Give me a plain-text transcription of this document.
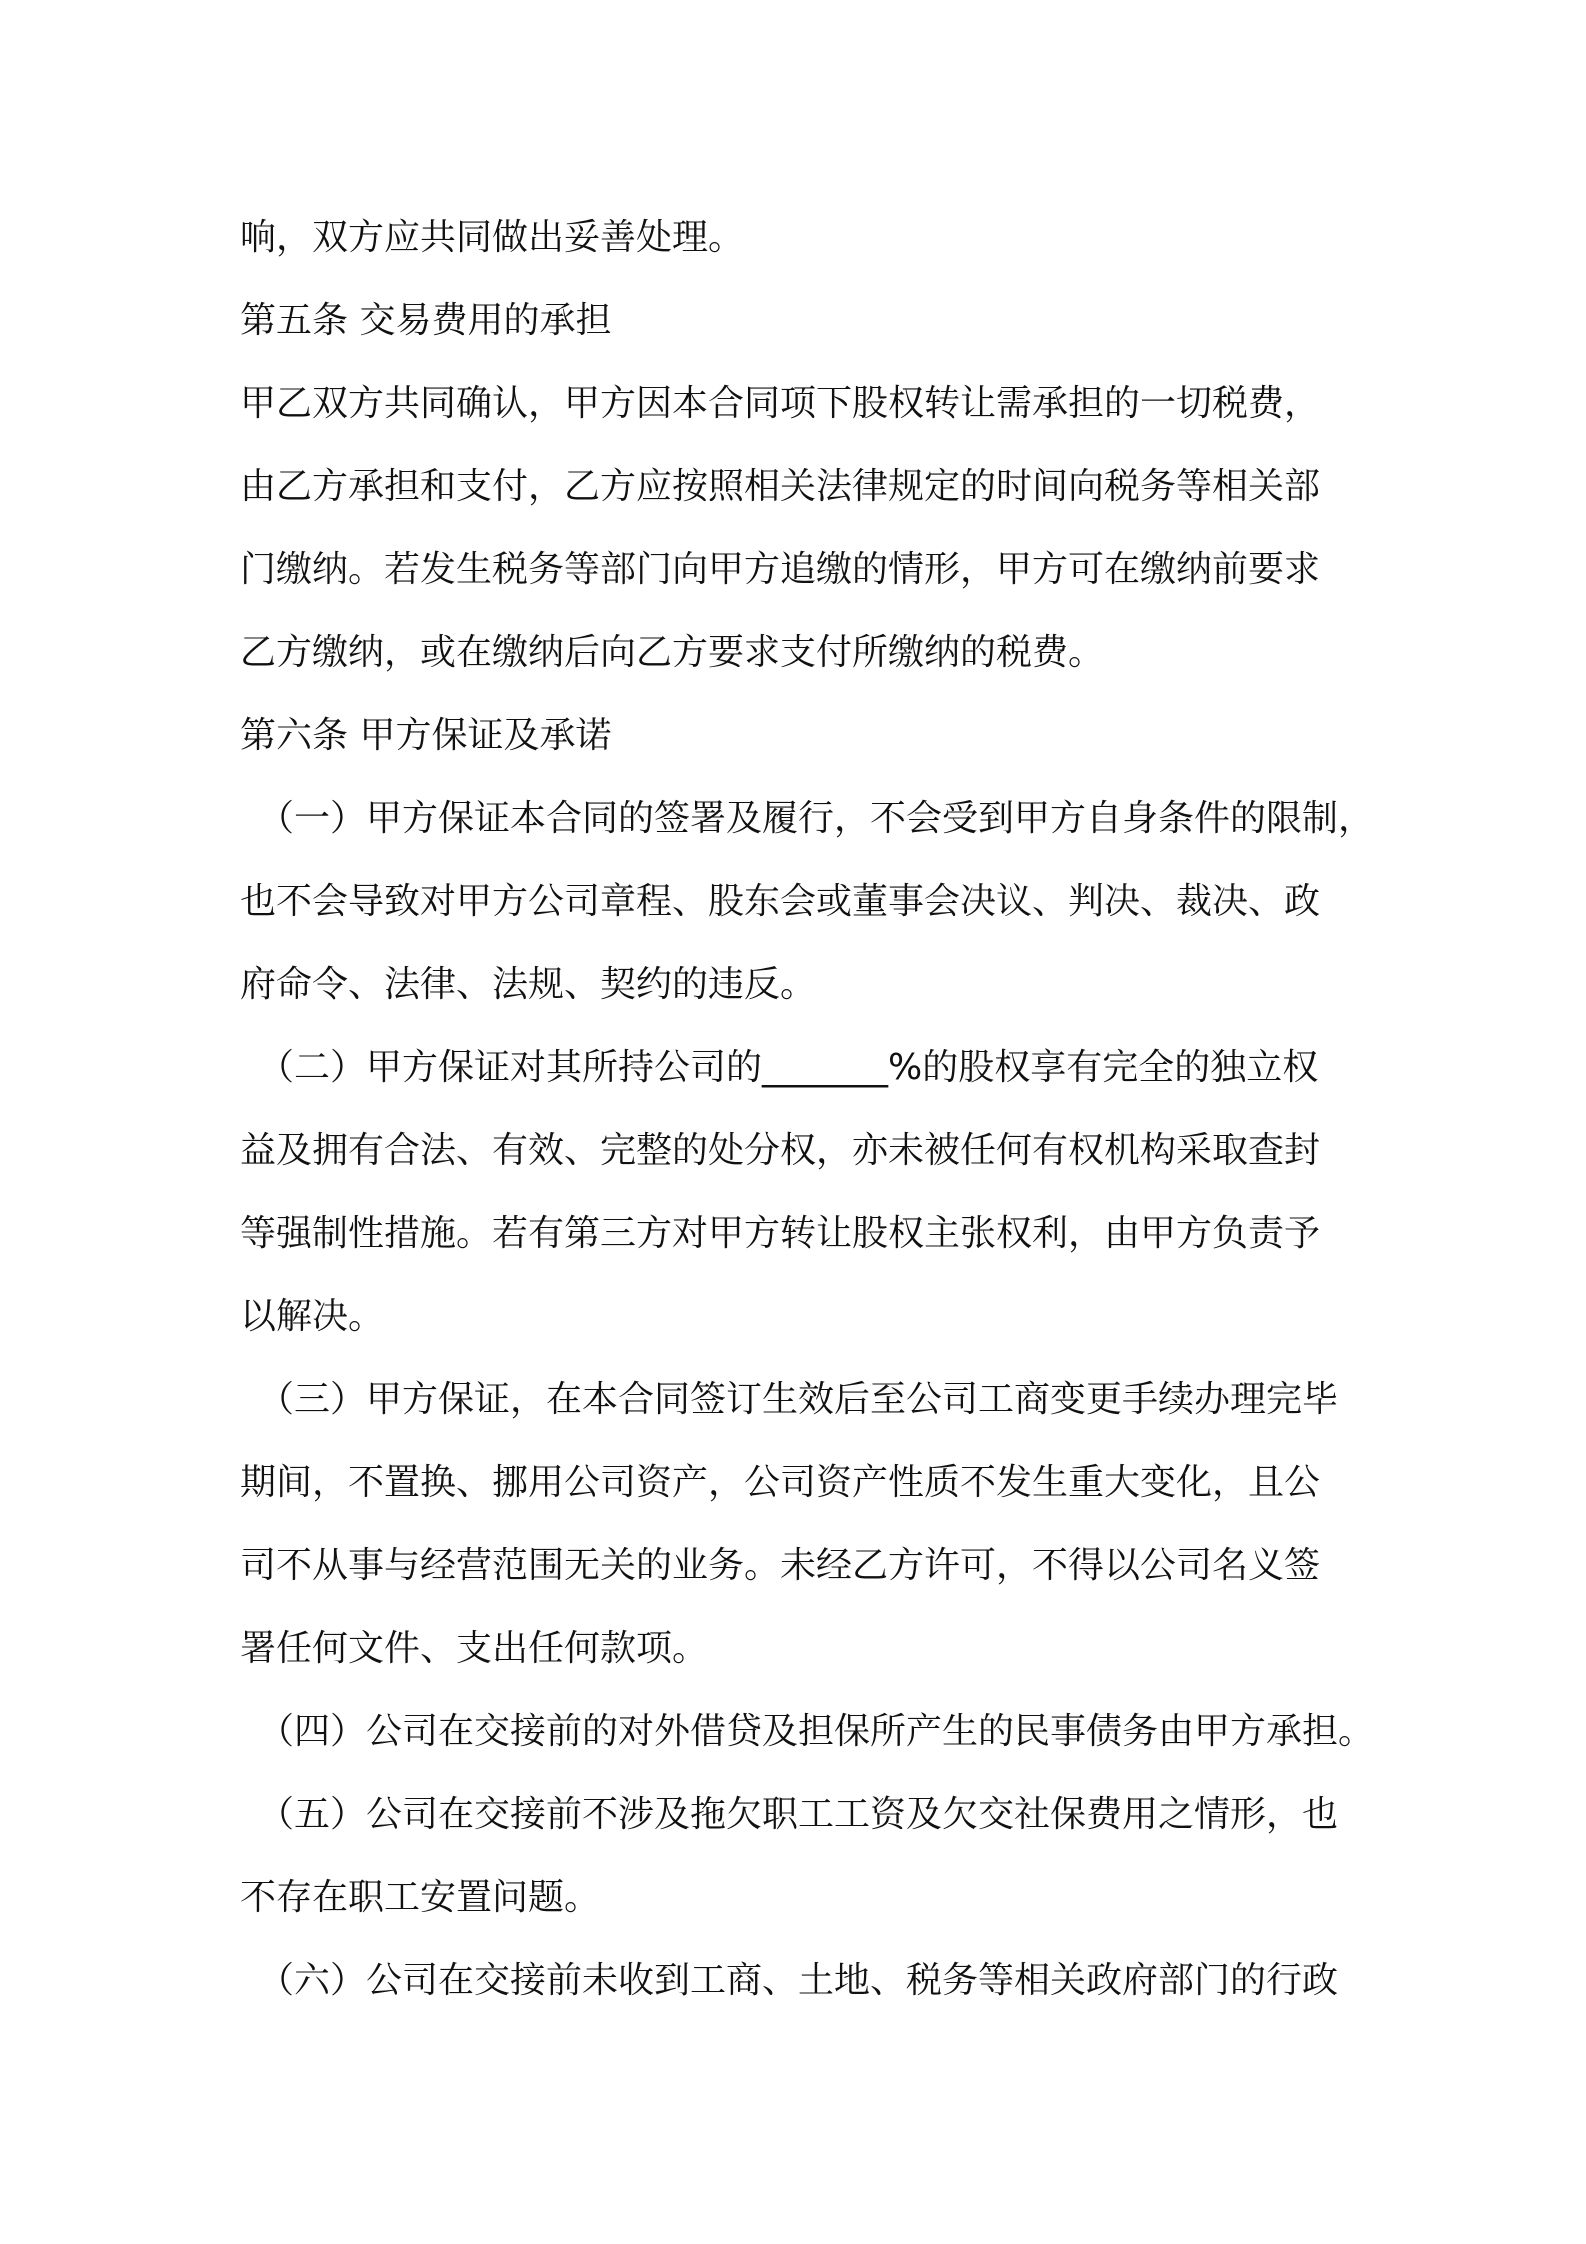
响，双方应共同做出妥善处理。
第五条 交易费用的承担
甲乙双方共同确认，甲方因本合同项下股权转让需承担的一切税费，
由乙方承担和支付，乙方应按照相关法律规定的时间向税务等相关部
门缴纳。若发生税务等部门向甲方追缴的情形，甲方可在缴纳前要求
乙方缴纳，或在缴纳后向乙方要求支付所缴纳的税费。
第六条 甲方保证及承诺
（一）甲方保证本合同的签署及履行，不会受到甲方自身条件的限制，
也不会导致对甲方公司章程、股东会或董事会决议、判决、裁决、政
府命令、法律、法规、契约的违反。
（二）甲方保证对其所持公司的_______%的股权享有完全的独立权
益及拥有合法、有效、完整的处分权，亦未被任何有权机构采取查封
等强制性措施。若有第三方对甲方转让股权主张权利，由甲方负责予
以解决。
（三）甲方保证，在本合同签订生效后至公司工商变更手续办理完毕
期间，不置换、挪用公司资产，公司资产性质不发生重大变化，且公
司不从事与经营范围无关的业务。未经乙方许可，不得以公司名义签
署任何文件、支出任何款项。
（四）公司在交接前的对外借贷及担保所产生的民事债务由甲方承担。
（五）公司在交接前不涉及拖欠职工工资及欠交社保费用之情形，也
不存在职工安置问题。
（六）公司在交接前未收到工商、土地、税务等相关政府部门的行政
